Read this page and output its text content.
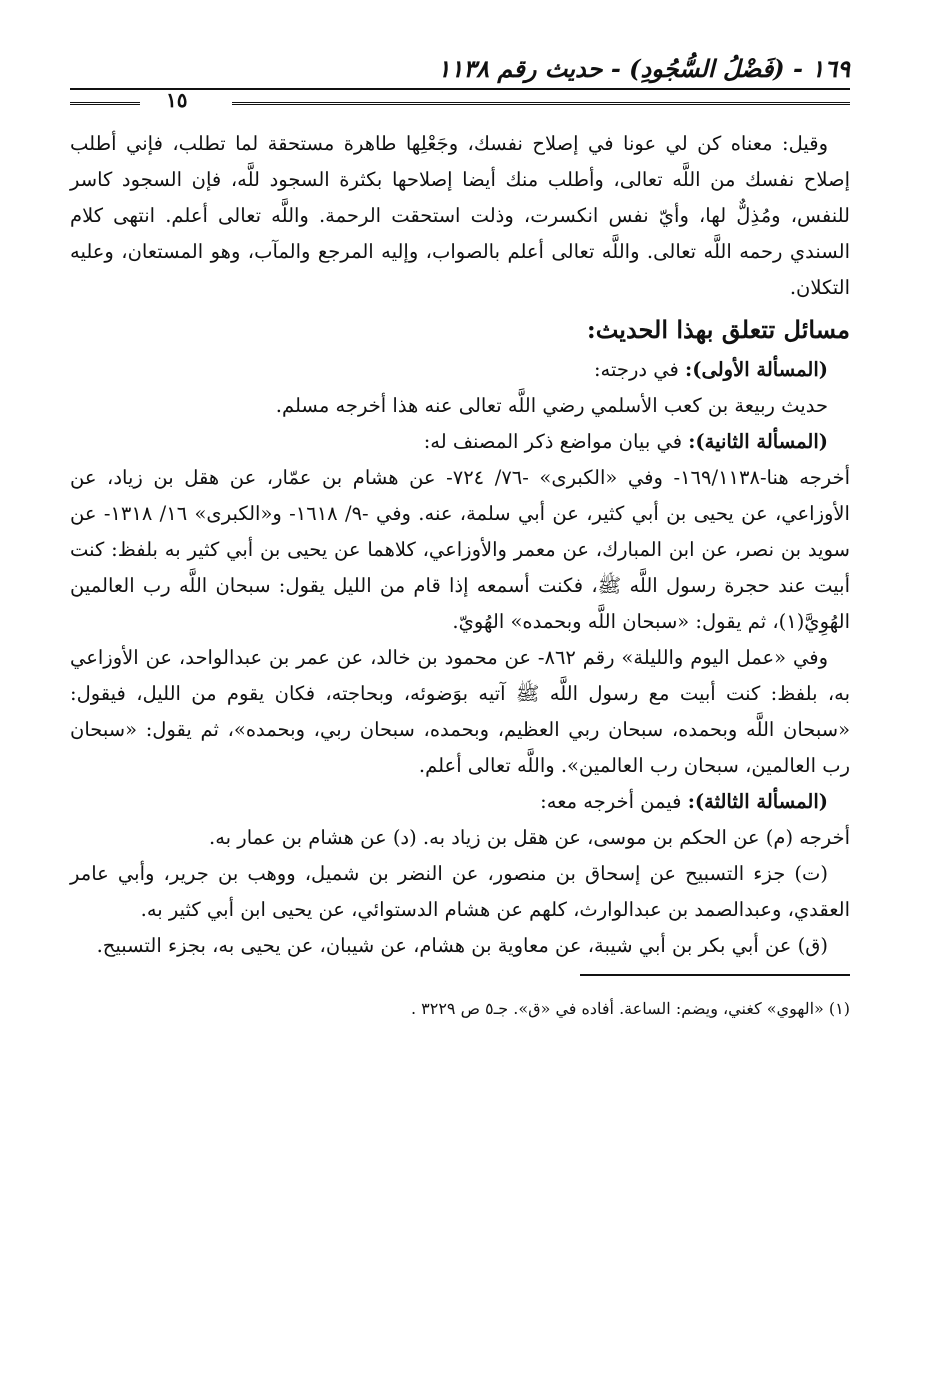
١٦٩ - (فَضْلُ السُّجُودِ) - حديث رقم ١١٣٨
١٥

وقيل: معناه كن لي عونا في إصلاح نفسك، وجَعْلِها طاهرة مستحقة لما تطلب، فإني أطلب إصلاح نفسك من اللَّه تعالى، وأطلب منك أيضا إصلاحها بكثرة السجود للَّه، فإن السجود كاسر للنفس، ومُذِلٌّ لها، وأيّ نفس انكسرت، وذلت استحقت الرحمة. واللَّه تعالى أعلم. انتهى كلام السندي رحمه اللَّه تعالى. واللَّه تعالى أعلم بالصواب، وإليه المرجع والمآب، وهو المستعان، وعليه التكلان.

مسائل تتعلق بهذا الحديث:

(المسألة الأولى): في درجته:

حديث ربيعة بن كعب الأسلمي رضي اللَّه تعالى عنه هذا أخرجه مسلم.

(المسألة الثانية): في بيان مواضع ذكر المصنف له:

أخرجه هنا-١٦٩/١١٣٨- وفي «الكبرى» -٧٦/ ٧٢٤- عن هشام بن عمّار، عن هقل بن زياد، عن الأوزاعي، عن يحيى بن أبي كثير، عن أبي سلمة، عنه. وفي -٩/ ١٦١٨- و«الكبرى» ١٦/ ١٣١٨- عن سويد بن نصر، عن ابن المبارك، عن معمر والأوزاعي، كلاهما عن يحيى بن أبي كثير به بلفظ: كنت أبيت عند حجرة رسول اللَّه ﷺ، فكنت أسمعه إذا قام من الليل يقول: سبحان اللَّه رب العالمين الهُوِيَّ(١)، ثم يقول: «سبحان اللَّه وبحمده» الهُويّ.

وفي «عمل اليوم والليلة» رقم ٨٦٢- عن محمود بن خالد، عن عمر بن عبدالواحد، عن الأوزاعي به، بلفظ: كنت أبيت مع رسول اللَّه ﷺ آتيه بوَضوئه، وبحاجته، فكان يقوم من الليل، فيقول: «سبحان اللَّه وبحمده، سبحان ربي العظيم، وبحمده، سبحان ربي، وبحمده»، ثم يقول: «سبحان رب العالمين، سبحان رب العالمين». واللَّه تعالى أعلم.

(المسألة الثالثة): فيمن أخرجه معه:

أخرجه (م) عن الحكم بن موسى، عن هقل بن زياد به. (د) عن هشام بن عمار به.

(ت) جزء التسبيح عن إسحاق بن منصور، عن النضر بن شميل، ووهب بن جرير، وأبي عامر العقدي، وعبدالصمد بن عبدالوارث، كلهم عن هشام الدستوائي، عن يحيى ابن أبي كثير به.

(ق) عن أبي بكر بن أبي شيبة، عن معاوية بن هشام، عن شيبان، عن يحيى به، بجزء التسبيح.

(١) «الهوي» كغني، ويضم: الساعة. أفاده في «ق». جـ٥ ص ٣٢٢٩ .
